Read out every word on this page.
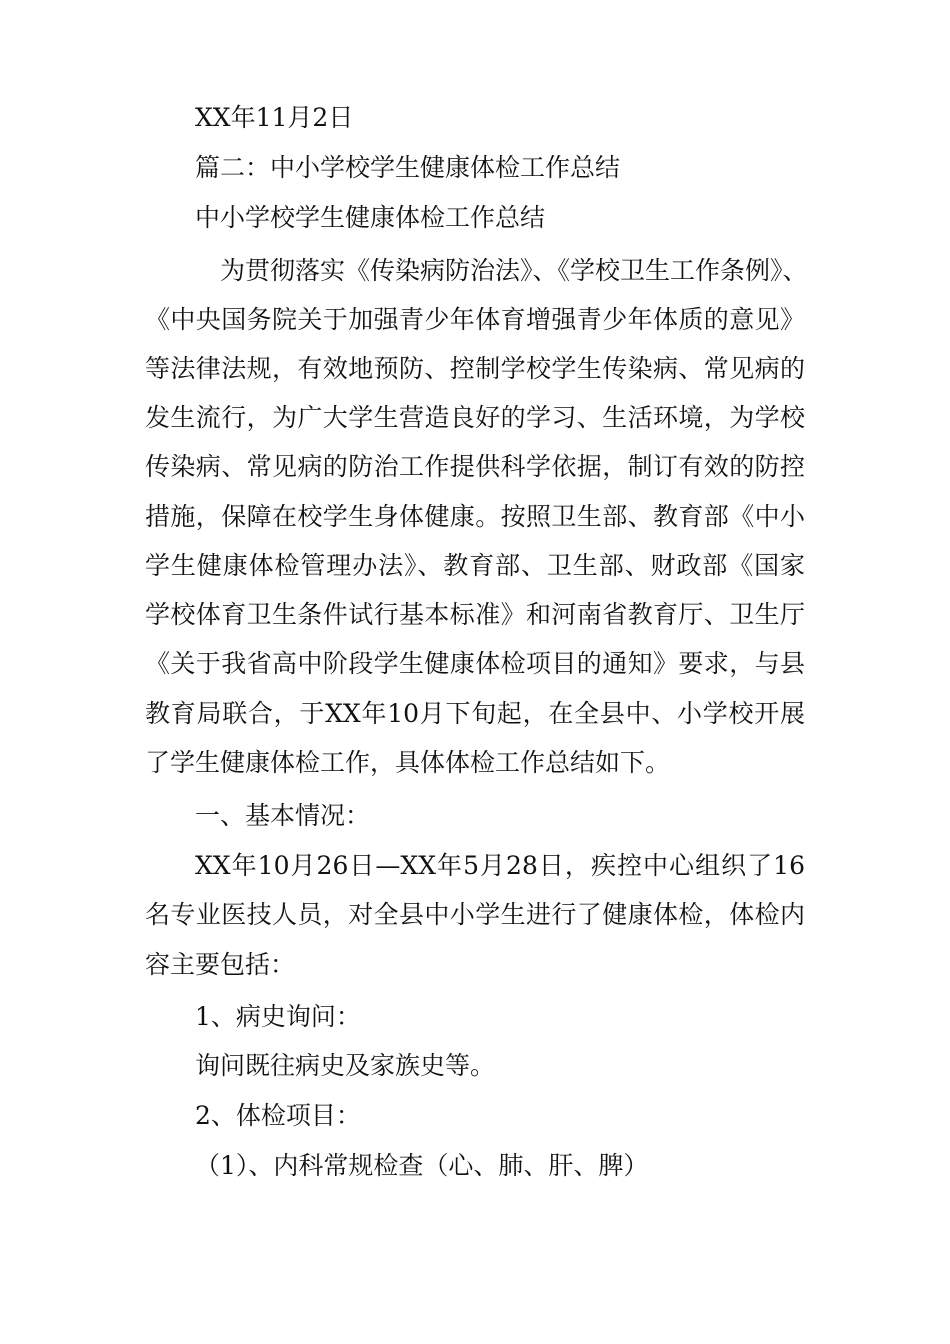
XX年11月2日
篇二：中小学校学生健康体检工作总结
中小学校学生健康体检工作总结
为贯彻落实《传染病防治法》、《学校卫生工作条例》、
《中央国务院关于加强青少年体育增强青少年体质的意见》
等法律法规，有效地预防、控制学校学生传染病、常见病的
发生流行，为广大学生营造良好的学习、生活环境，为学校
传染病、常见病的防治工作提供科学依据，制订有效的防控
措施，保障在校学生身体健康。按照卫生部、教育部《中小
学生健康体检管理办法》、教育部、卫生部、财政部《国家
学校体育卫生条件试行基本标准》和河南省教育厅、卫生厅
《关于我省高中阶段学生健康体检项目的通知》要求，与县
教育局联合，于XX年10月下旬起，在全县中、小学校开展
了学生健康体检工作，具体体检工作总结如下。
一、基本情况：
XX年10月26日—XX年5月28日，疾控中心组织了16
名专业医技人员，对全县中小学生进行了健康体检，体检内
容主要包括：
1、病史询问：
询问既往病史及家族史等。
2、体检项目：
（1）、内科常规检查（心、肺、肝、脾）
